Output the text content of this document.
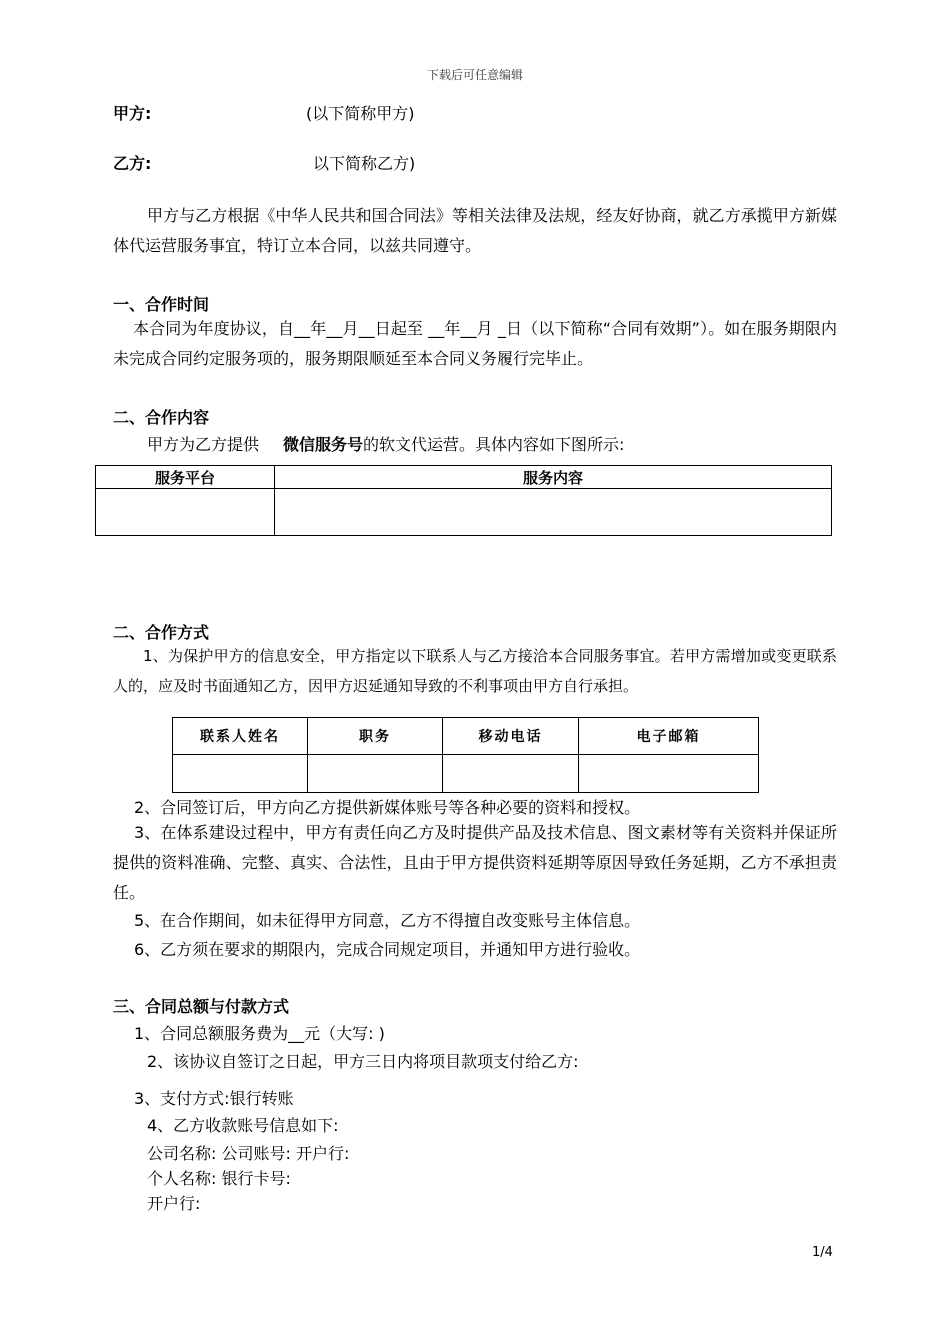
下载后可任意编辑
甲方:	(以下简称甲方)
乙方:	以下简称乙方)
甲方与乙方根据《中华人民共和国合同法》等相关法律及法规，经友好协商，就乙方承揽甲方新媒体代运营服务事宜，特订立本合同，以兹共同遵守。
一、合作时间
本合同为年度协议，自__年__月__日起至 __年__月 _日（以下简称“合同有效期”）。如在服务期限内未完成合同约定服务项的，服务期限顺延至本合同义务履行完毕止。
二、合作内容
甲方为乙方提供 微信服务号的软文代运营。具体内容如下图所示:
服务平台	服务内容

二、合作方式
1、为保护甲方的信息安全，甲方指定以下联系人与乙方接洽本合同服务事宜。若甲方需增加或变更联系人的，应及时书面通知乙方，因甲方迟延通知导致的不利事项由甲方自行承担。
联系人姓名	职务	移动电话	电子邮箱

2、合同签订后，甲方向乙方提供新媒体账号等各种必要的资料和授权。
3、在体系建设过程中，甲方有责任向乙方及时提供产品及技术信息、图文素材等有关资料并保证所提供的资料准确、完整、真实、合法性，且由于甲方提供资料延期等原因导致任务延期，乙方不承担责任。
5、在合作期间，如未征得甲方同意，乙方不得擅自改变账号主体信息。
6、乙方须在要求的期限内，完成合同规定项目，并通知甲方进行验收。
三、合同总额与付款方式
1、合同总额服务费为__元（大写: )
2、该协议自签订之日起，甲方三日内将项目款项支付给乙方:
3、支付方式:银行转账
4、乙方收款账号信息如下:
公司名称: 公司账号: 开户行:
个人名称: 银行卡号:
开户行:
1/4
